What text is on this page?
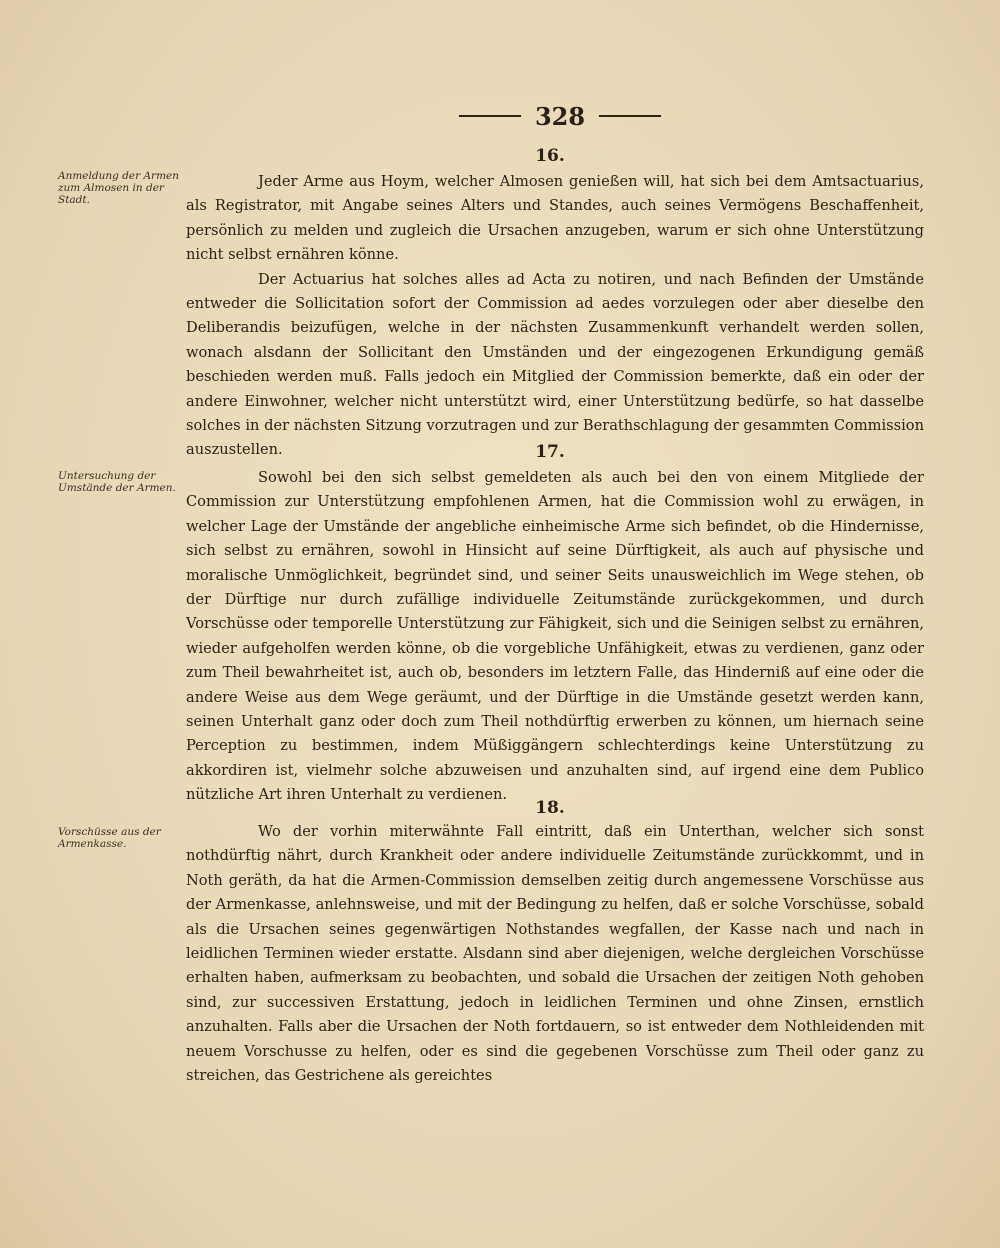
328
Anmeldung der Armen zum Almosen in der Stadt.
Untersuchung der Umstände der Armen.
Vorschüsse aus der Armenkasse.
16.

Jeder Arme aus Hoym, welcher Almosen genießen will, hat sich bei dem Amtsactuarius, als Registrator, mit Angabe seines Alters und Standes, auch seines Vermögens Beschaffenheit, persönlich zu melden und zugleich die Ursachen anzugeben, warum er sich ohne Unterstützung nicht selbst ernähren könne.

Der Actuarius hat solches alles ad Acta zu notiren, und nach Befinden der Umstände entweder die Sollicitation sofort der Commission ad aedes vorzulegen oder aber dieselbe den Deliberandis beizufügen, welche in der nächsten Zusammenkunft verhandelt werden sollen, wonach alsdann der Sollicitant den Umständen und der eingezogenen Erkundigung gemäß beschieden werden muß. Falls jedoch ein Mitglied der Commission bemerkte, daß ein oder der andere Einwohner, welcher nicht unterstützt wird, einer Unterstützung bedürfe, so hat dasselbe solches in der nächsten Sitzung vorzutragen und zur Berathschlagung der gesammten Commission auszustellen.	17.

Sowohl bei den sich selbst gemeldeten als auch bei den von einem Mitgliede der Commission zur Unterstützung empfohlenen Armen, hat die Commission wohl zu erwägen, in welcher Lage der Umstände der angebliche einheimische Arme sich befindet, ob die Hindernisse, sich selbst zu ernähren, sowohl in Hinsicht auf seine Dürftigkeit, als auch auf physische und moralische Unmöglichkeit, begründet sind, und seiner Seits unausweichlich im Wege stehen, ob der Dürftige nur durch zufällige individuelle Zeitumstände zurückgekommen, und durch Vorschüsse oder temporelle Unterstützung zur Fähigkeit, sich und die Seinigen selbst zu ernähren, wieder aufgeholfen werden könne, ob die vorgebliche Unfähigkeit, etwas zu verdienen, ganz oder zum Theil bewahrheitet ist, auch ob, besonders im letztern Falle, das Hinderniß auf eine oder die andere Weise aus dem Wege geräumt, und der Dürftige in die Umstände gesetzt werden kann, seinen Unterhalt ganz oder doch zum Theil nothdürftig erwerben zu können, um hiernach seine Perception zu bestimmen, indem Müßiggängern schlechterdings keine Unterstützung zu akkordiren ist, vielmehr solche abzuweisen und anzuhalten sind, auf irgend eine dem Publico nützliche Art ihren Unterhalt zu verdienen.

18.

Wo der vorhin miterwähnte Fall eintritt, daß ein Unterthan, welcher sich sonst nothdürftig nährt, durch Krankheit oder andere individuelle Zeitumstände zurückkommt, und in Noth geräth, da hat die Armen-Commission demselben zeitig durch angemessene Vorschüsse aus der Armenkasse, anlehnsweise, und mit der Bedingung zu helfen, daß er solche Vorschüsse, sobald als die Ursachen seines gegenwärtigen Nothstandes wegfallen, der Kasse nach und nach in leidlichen Terminen wieder erstatte. Alsdann sind aber diejenigen, welche dergleichen Vorschüsse erhalten haben, aufmerksam zu beobachten, und sobald die Ursachen der zeitigen Noth gehoben sind, zur successiven Erstattung, jedoch in leidlichen Terminen und ohne Zinsen, ernstlich anzuhalten. Falls aber die Ursachen der Noth fortdauern, so ist entweder dem Nothleidenden mit neuem Vorschusse zu helfen, oder es sind die gegebenen Vorschüsse zum Theil oder ganz zu streichen, das Gestrichene als gereichtes
